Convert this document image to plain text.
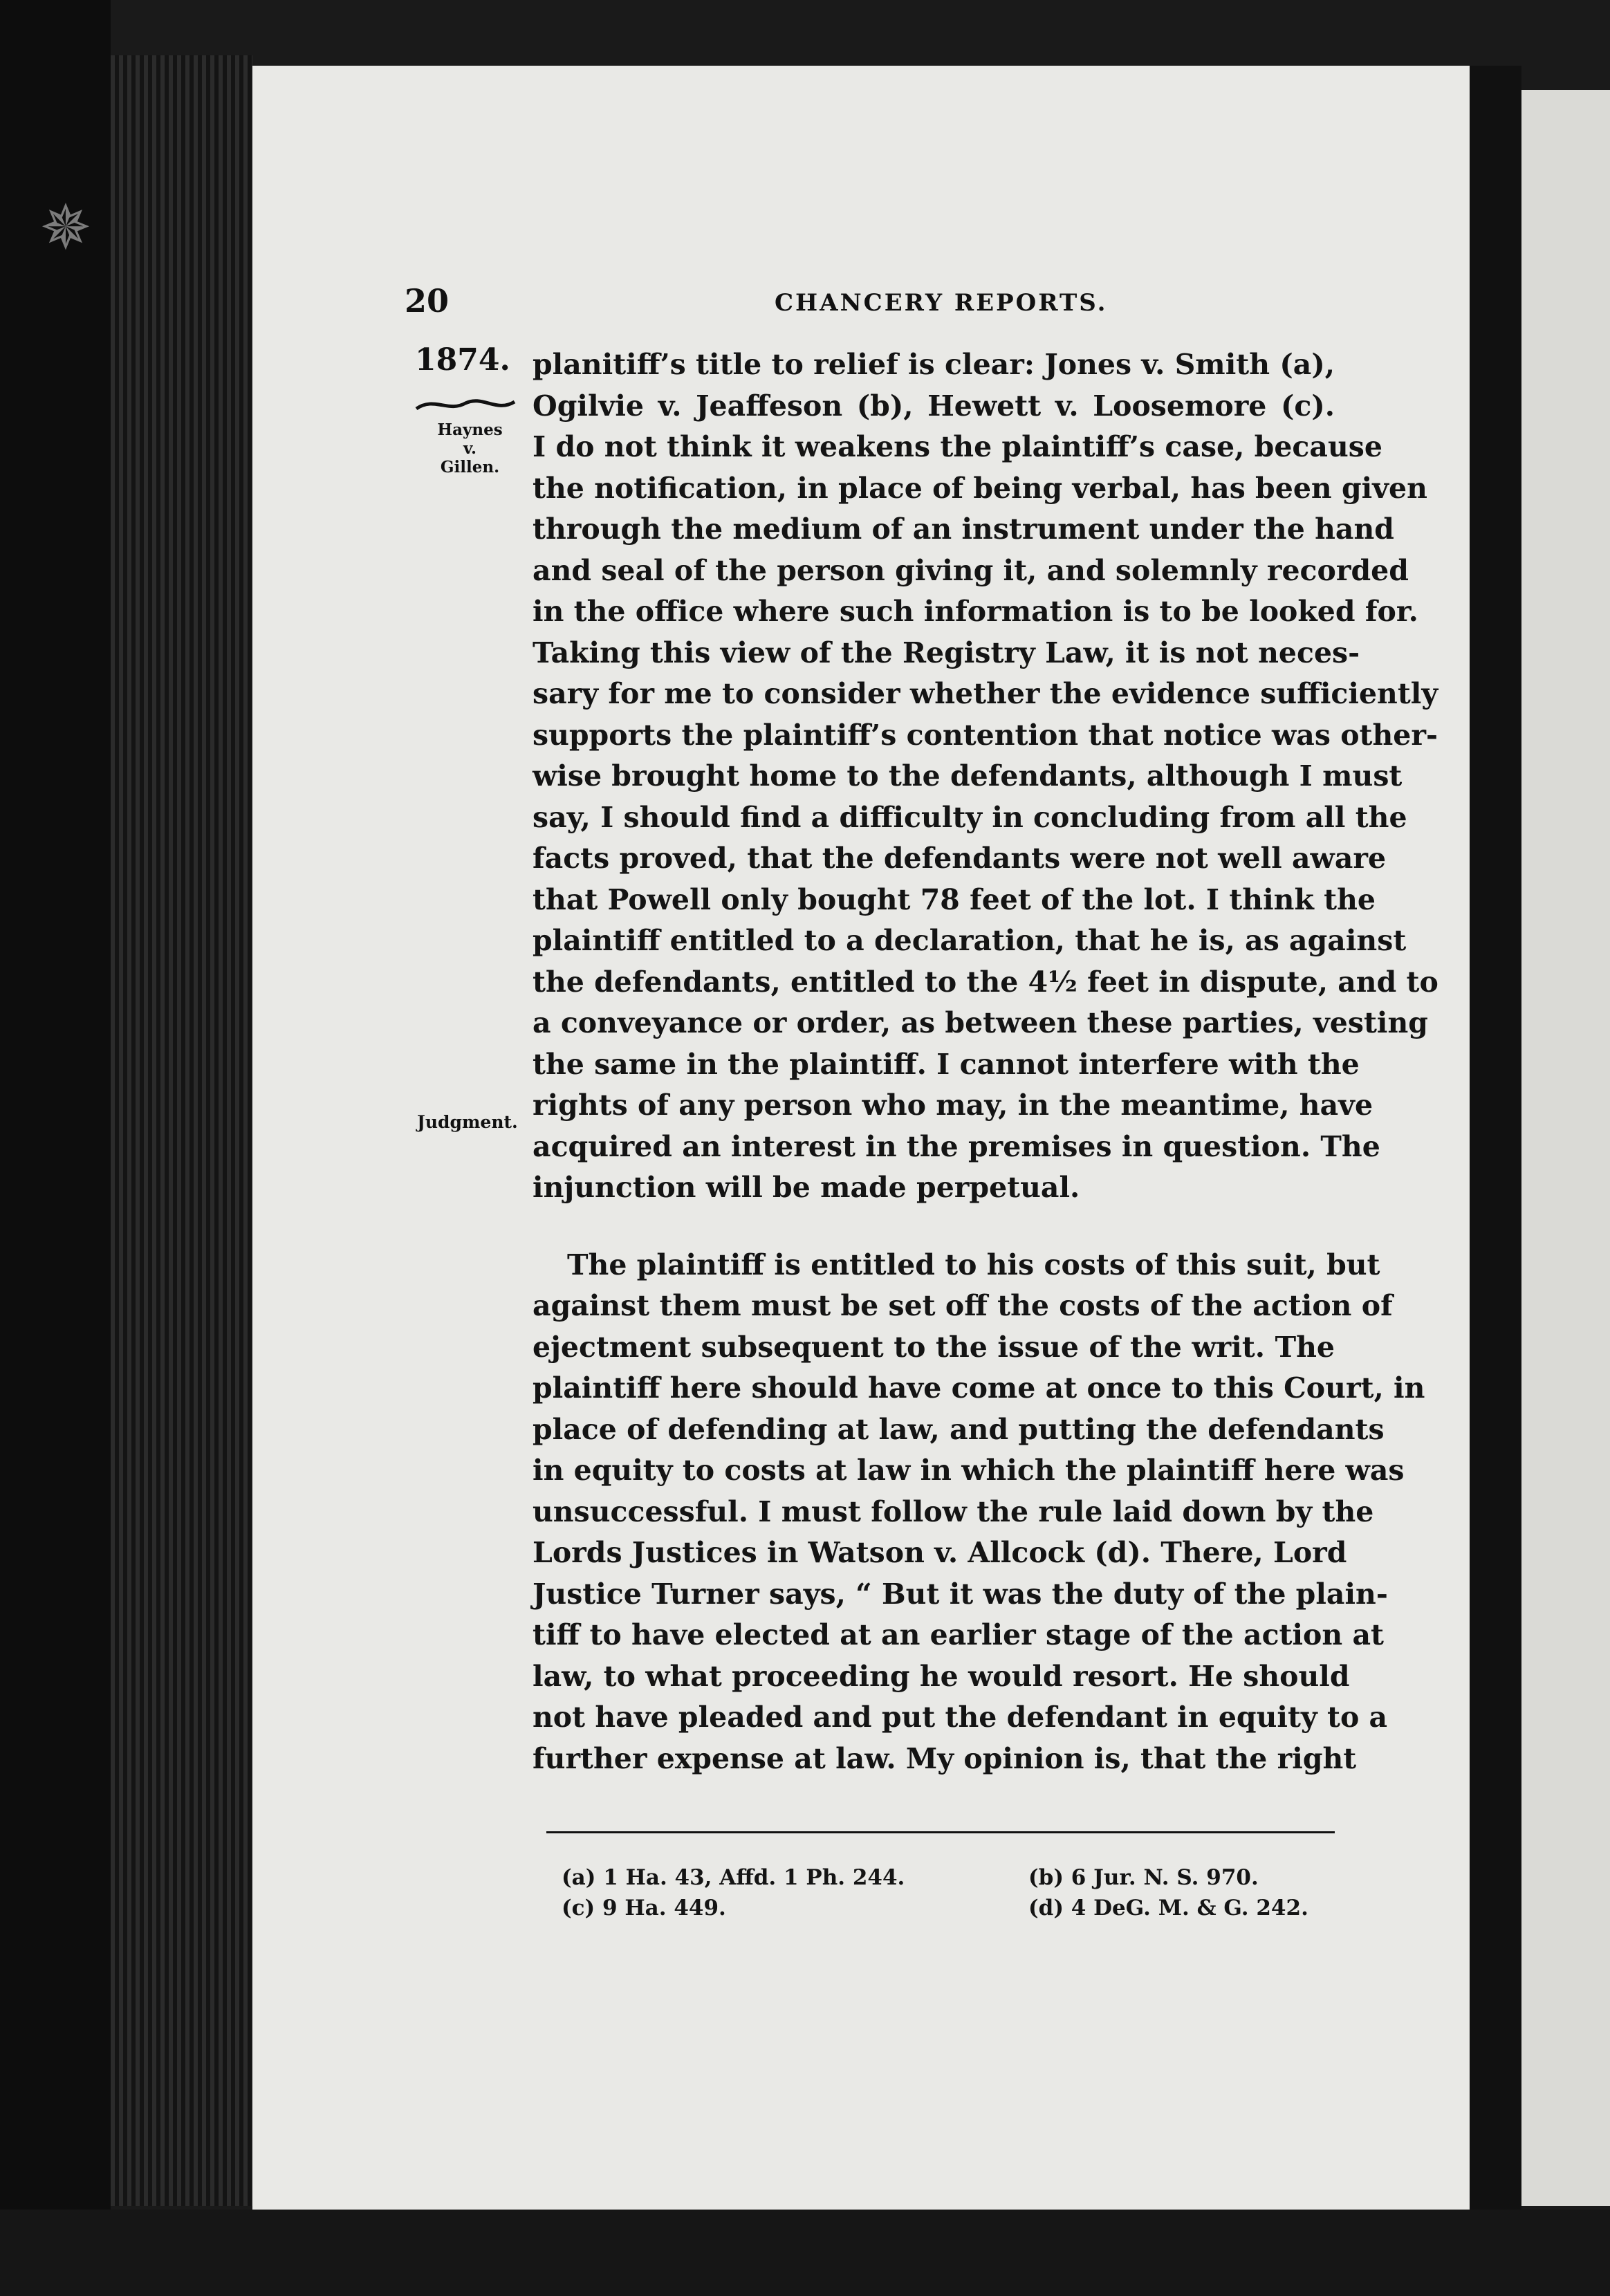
✵
20	CHANCERY REPORTS.
1874.
Haynes
v.
Gillen.
Judgment.
planitiff’s title to relief is clear: Jones v. Smith (a),
Ogilvie v. Jeaffeson (b), Hewett v. Loosemore (c).
I do not think it weakens the plaintiff’s case, because
the notification, in place of being verbal, has been given
through the medium of an instrument under the hand
and seal of the person giving it, and solemnly recorded
in the office where such information is to be looked for.
Taking this view of the Registry Law, it is not neces-
sary for me to consider whether the evidence sufficiently
supports the plaintiff’s contention that notice was other-
wise brought home to the defendants, although I must
say, I should find a difficulty in concluding from all the
facts proved, that the defendants were not well aware
that Powell only bought 78 feet of the lot. I think the
plaintiff entitled to a declaration, that he is, as against
the defendants, entitled to the 4½ feet in dispute, and to
a conveyance or order, as between these parties, vesting
the same in the plaintiff. I cannot interfere with the
rights of any person who may, in the meantime, have
acquired an interest in the premises in question. The
injunction will be made perpetual.
The plaintiff is entitled to his costs of this suit, but
against them must be set off the costs of the action of
ejectment subsequent to the issue of the writ. The
plaintiff here should have come at once to this Court, in
place of defending at law, and putting the defendants
in equity to costs at law in which the plaintiff here was
unsuccessful. I must follow the rule laid down by the
Lords Justices in Watson v. Allcock (d). There, Lord
Justice Turner says, “ But it was the duty of the plain-
tiff to have elected at an earlier stage of the action at
law, to what proceeding he would resort. He should
not have pleaded and put the defendant in equity to a
further expense at law. My opinion is, that the right
(a) 1 Ha. 43, Affd. 1 Ph. 244.	(b) 6 Jur. N. S. 970.
(c) 9 Ha. 449.	(d) 4 DeG. M. & G. 242.
